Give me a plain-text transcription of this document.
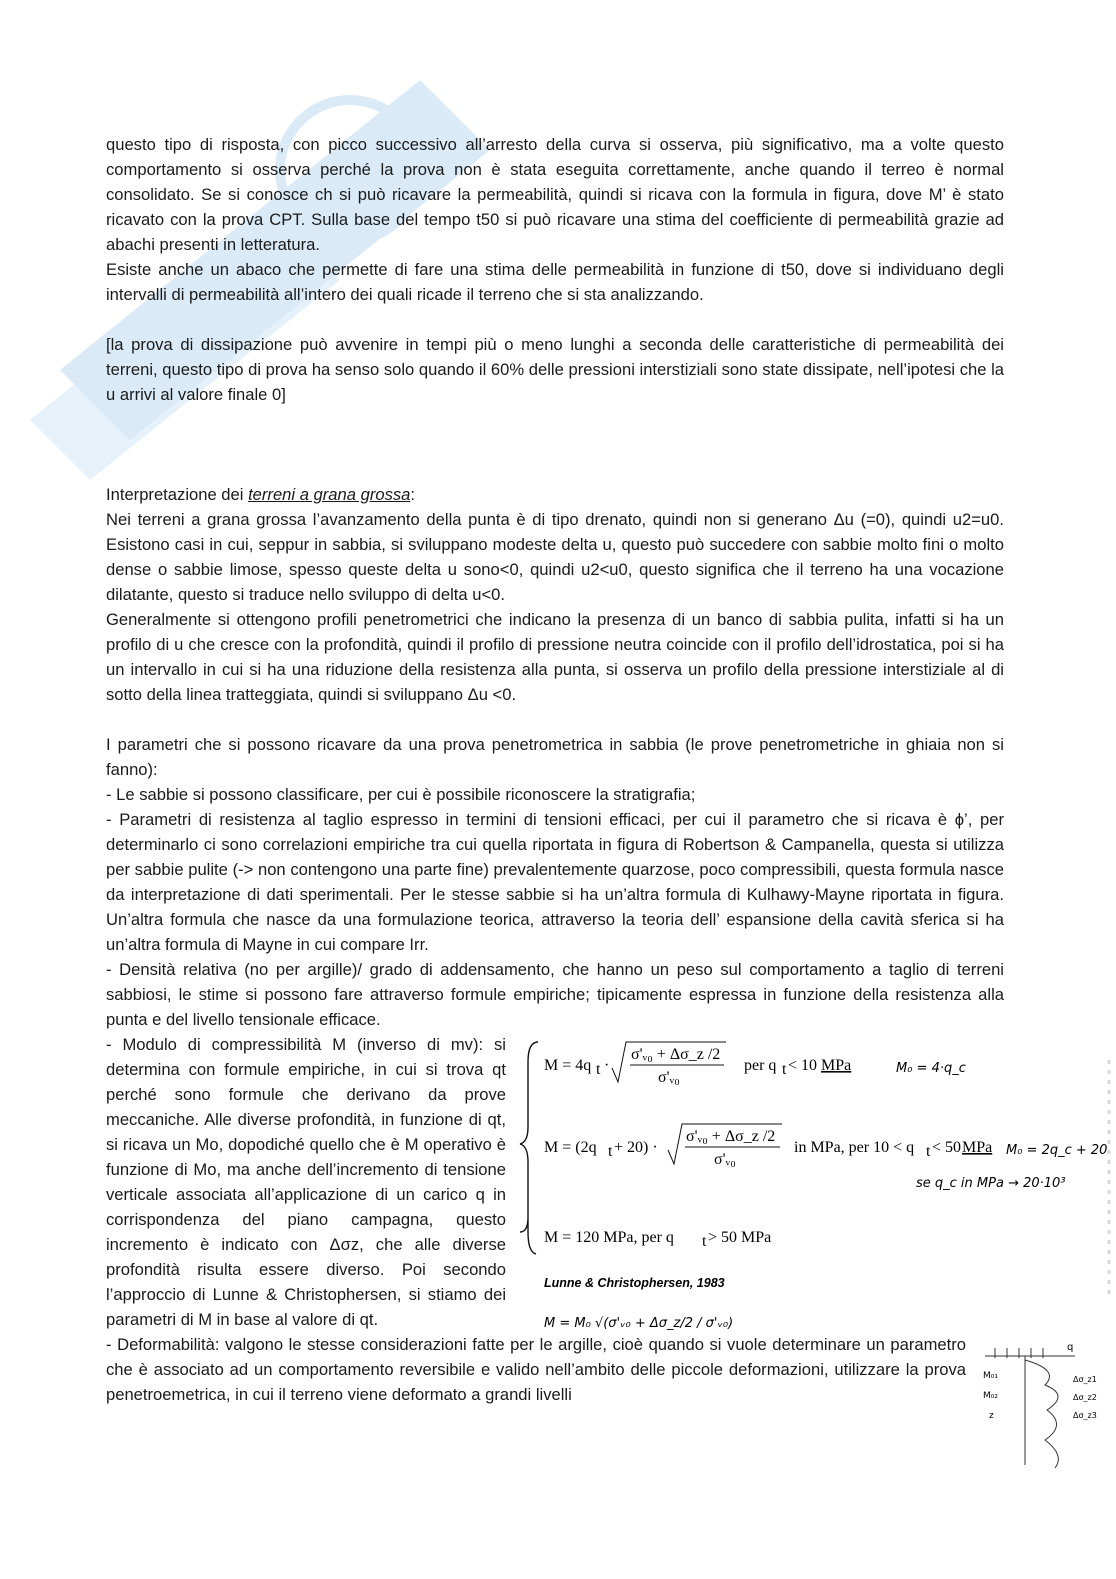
questo tipo di risposta, con picco successivo all’arresto della curva si osserva, più significativo, ma a volte questo comportamento si osserva perché la prova non è stata eseguita correttamente, anche quando il terreo è normal consolidato. Se si conosce ch si può ricavare la permeabilità, quindi si ricava con la formula in figura, dove M’ è stato ricavato con la prova CPT. Sulla base del tempo t50 si può ricavare una stima del coefficiente di permeabilità grazie ad abachi presenti in letteratura.

Esiste anche un abaco che permette di fare una stima delle permeabilità in funzione di t50, dove si individuano degli intervalli di permeabilità all’intero dei quali ricade il terreno che si sta analizzando.

[la prova di dissipazione può avvenire in tempi più o meno lunghi a seconda delle caratteristiche di permeabilità dei terreni, questo tipo di prova ha senso solo quando il 60% delle pressioni interstiziali sono state dissipate, nell’ipotesi che la u arrivi al valore finale 0]

Interpretazione dei terreni a grana grossa:

Nei terreni a grana grossa l’avanzamento della punta è di tipo drenato, quindi non si generano Δu (=0), quindi u2=u0. Esistono casi in cui, seppur in sabbia, si sviluppano modeste delta u, questo può succedere con sabbie molto fini o molto dense o sabbie limose, spesso queste delta u sono<0, quindi u2<u0, questo significa che il terreno ha una vocazione dilatante, questo si traduce nello sviluppo di delta u<0.

Generalmente si ottengono profili penetrometrici che indicano la presenza di un banco di sabbia pulita, infatti si ha un profilo di u che cresce con la profondità, quindi il profilo di pressione neutra coincide con il profilo dell’idrostatica, poi si ha un intervallo in cui si ha una riduzione della resistenza alla punta, si osserva un profilo della pressione interstiziale al di sotto della linea tratteggiata, quindi si sviluppano Δu <0.

I parametri che si possono ricavare da una prova penetrometrica in sabbia (le prove penetrometriche in ghiaia non si fanno):

- Le sabbie si possono classificare, per cui è possibile riconoscere la stratigrafia;

- Parametri di resistenza al taglio espresso in termini di tensioni efficaci, per cui il parametro che si ricava è ϕ’, per determinarlo ci sono correlazioni empiriche tra cui quella riportata in figura di Robertson & Campanella, questa si utilizza per sabbie pulite (-> non contengono una parte fine) prevalentemente quarzose, poco compressibili, questa formula nasce da interpretazione di dati sperimentali. Per le stesse sabbie si ha un’altra formula di Kulhawy-Mayne riportata in figura. Un’altra formula che nasce da una formulazione teorica, attraverso la teoria dell’ espansione della cavità sferica si ha un’altra formula di Mayne in cui compare Irr.

- Densità relativa (no per argille)/ grado di addensamento, che hanno un peso sul comportamento a taglio di terreni sabbiosi, le stime si possono fare attraverso formule empiriche; tipicamente espressa in funzione della resistenza alla punta e del livello tensionale efficace.

- Modulo di compressibilità M (inverso di mv): si determina con formule empiriche, in cui si trova qt perché sono formule che derivano da prove meccaniche. Alle diverse profondità, in funzione di qt, si ricava un Mo, dopodiché quello che è M operativo è funzione di Mo, ma anche dell’incremento di tensione verticale associata all’applicazione di un carico q in corrispondenza del piano campagna, questo incremento è indicato con Δσz, che alle diverse profondità risulta essere diverso. Poi secondo l’approccio di Lunne & Christophersen, si stiamo dei parametri di M in base al valore di qt.

M = 4q t ·
σ'ᵥ₀ + Δσ_z /2
σ'ᵥ₀
per q t < 10 MPa	M₀ = 4·q_c
M = (2q t + 20) ·
σ'ᵥ₀ + Δσ_z /2
σ'ᵥ₀
in MPa, per 10 < q t < 50 MPa M₀ = 2q_c + 20
se q_c in MPa → 20·10³
M = 120 MPa, per q t > 50 MPa
Lunne & Christophersen, 1983
M = M₀ √(σ'ᵥ₀ + Δσ_z/2 / σ'ᵥ₀)

- Deformabilità: valgono le stesse considerazioni fatte per le argille, cioè quando si vuole determinare un parametro che è associato ad un comportamento reversibile e valido nell’ambito delle piccole deformazioni, utilizzare la prova penetroemetrica, in cui il terreno viene deformato a grandi livelli

q
M₀₁
M₀₂
z
Δσ_z1
Δσ_z2
Δσ_z3
